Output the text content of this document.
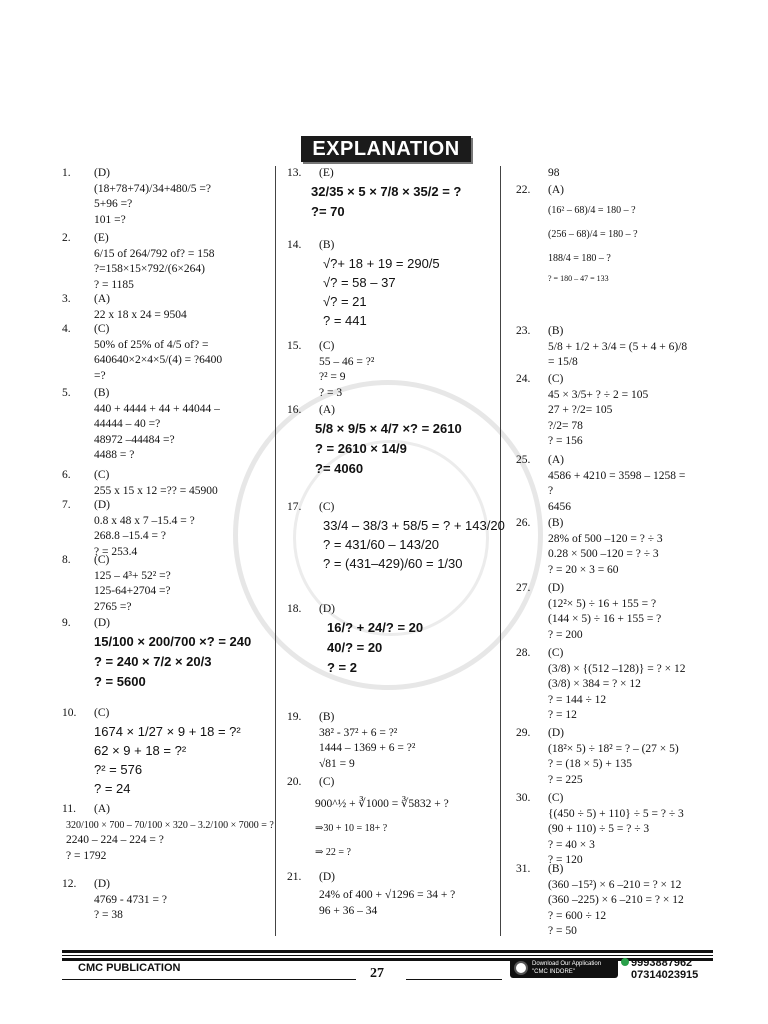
EXPLANATION
1.	(D)
(18+78+74)/34+480/5 =?
5+96 =?
101 =?
2.	(E)
6/15 of 264/792 of? = 158
?=158×15×792/(6×264)
? = 1185
3.	(A)
22 x 18 x 24 = 9504
4.	(C)
50% of 25% of 4/5 of? =
640640×2×4×5/(4) = ?6400
=?
5.	(B)
440 + 4444 + 44 + 44044 –
44444 – 40 =?
48972 –44484 =?
4488 = ?
6.	(C)
255 x 15 x 12 =?? = 45900
7.	(D)
0.8 x 48 x 7 –15.4 = ?
268.8 –15.4 = ?
? = 253.4
8.	(C)
125 – 4³+ 52² =?
125-64+2704 =?
2765 =?
9.	(D)
15/100 × 200/700 ×? = 240
? = 240 × 7/2 × 20/3
? = 5600
10.	(C)
1674 × 1/27 × 9 + 18 = ?²
62 × 9 + 18 = ?²
?² = 576
? = 24
11.	(A)
320/100 × 700 – 70/100 × 320 – 3.2/100 × 7000 = ?
2240 – 224 – 224 = ?
? = 1792
12.	(D)
4769 - 4731 = ?
? = 38
13.	(E)
32/35 × 5 × 7/8 × 35/2 = ?
?= 70
14.	(B)
√?+ 18 + 19 = 290/5
√? = 58 – 37
√? = 21
? = 441
15.	(C)
55 – 46 = ?²
?² = 9
? = 3
16.	(A)
5/8 × 9/5 × 4/7 ×? = 2610
? = 2610 × 14/9
?= 4060
17.	(C)
33/4 – 38/3 + 58/5 = ? + 143/20
? = 431/60 – 143/20
? = (431–429)/60 = 1/30
18.	(D)
16/? + 24/? = 20
40/? = 20
? = 2
19.	(B)
38² - 37² + 6 = ?²
1444 – 1369 + 6 = ?²
√81 = 9
20.	(C)
900^½ + ∛1000 = ∛5832 + ?
⇒30 + 10 = 18+ ?
⇒ 22 = ?
21.	(D)
24% of 400 + √1296 = 34 + ?
96 + 36 – 34
98
22.	(A)
(16² – 68)/4 = 180 – ?
(256 – 68)/4 = 180 – ?
188/4 = 180 – ?
? = 180 – 47 = 133
23.	(B)
5/8 + 1/2 + 3/4 = (5 + 4 + 6)/8
= 15/8
24.	(C)
45 × 3/5+ ? ÷ 2 = 105
27 + ?/2= 105
?/2= 78
? = 156
25.	(A)
4586 + 4210 = 3598 – 1258 =
?
6456
26.	(B)
28% of 500 –120 = ? ÷ 3
0.28 × 500 –120 = ? ÷ 3
? = 20 × 3 = 60
27.	(D)
(12²× 5) ÷ 16 + 155 = ?
(144 × 5) ÷ 16 + 155 = ?
? = 200
28.	(C)
(3/8) × {(512 –128)} = ? × 12
(3/8) × 384 = ? × 12
? = 144 ÷ 12
? = 12
29.	(D)
(18²× 5) ÷ 18² = ? – (27 × 5)
? = (18 × 5) + 135
? = 225
30.	(C)
{(450 ÷ 5) + 110} ÷ 5 = ? ÷ 3
(90 + 110) ÷ 5 = ? ÷ 3
? = 40 × 3
? = 120
31.	(B)
(360 –15²) × 6 –210 = ? × 12
(360 –225) × 6 –210 = ? × 12
? = 600 ÷ 12
? = 50
CMC PUBLICATION	27
Download Our Application
"CMC INDORE"
9993887962
07314023915
